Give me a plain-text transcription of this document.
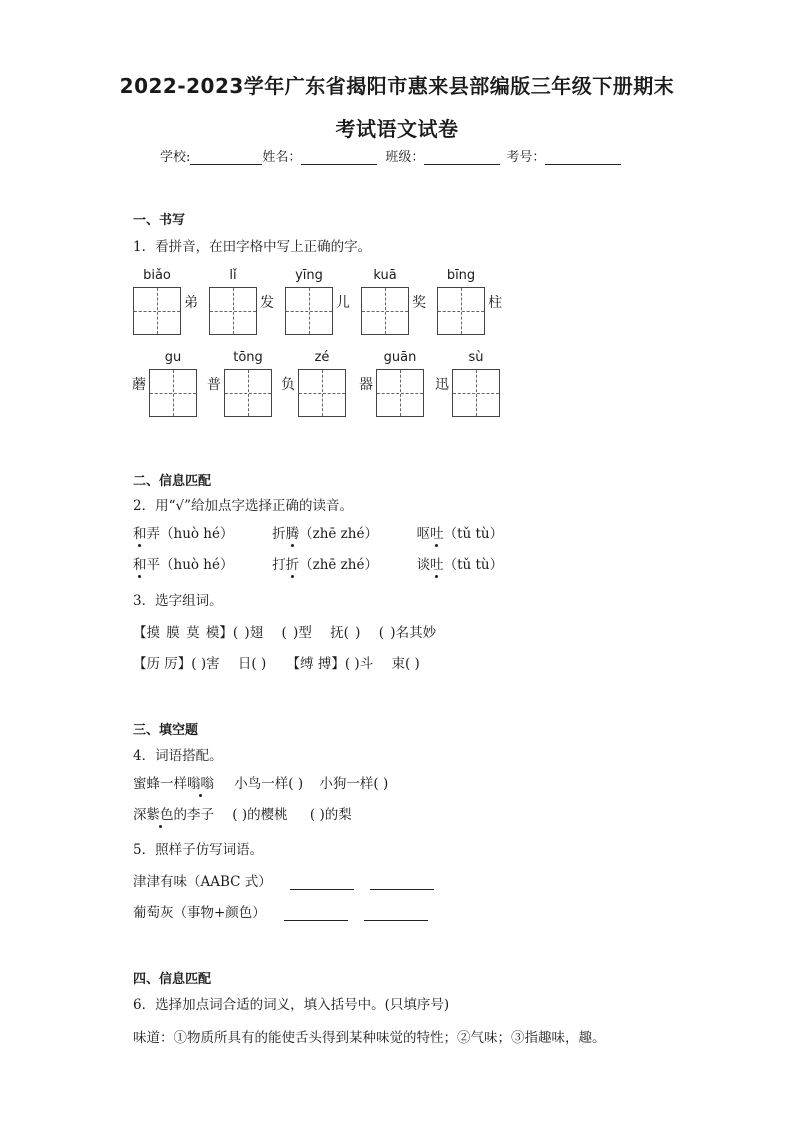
2022-2023学年广东省揭阳市惠来县部编版三年级下册期末
考试语文试卷
学校:	姓名：	班级：	考号：
一、书写
1．看拼音，在田字格中写上正确的字。
biǎo
弟
lǐ
发
yīng
儿
kuā
奖
bīng
柱
蘑
gu
普
tōng
负
zé
器
guān
迅
sù
二、信息匹配
2．用“√”给加点字选择正确的读音。
和弄（huò hé）	折腾（zhē zhé）	呕吐（tǔ tù）
和平（huò hé）	打折（zhē zhé）	谈吐（tǔ tù）
3．选字组词。
【摸 膜 莫 模】( )翅 ( )型 抚( ) ( )名其妙
【历 厉】( )害 日( ) 【缚 搏】( )斗 束( )
三、填空题
4．词语搭配。
蜜蜂一样嗡嗡 小鸟一样( ) 小狗一样( )
深紫色的李子 ( )的樱桃 ( )的梨
5．照样子仿写词语。
津津有味（AABC 式）
葡萄灰（事物+颜色）
四、信息匹配
6．选择加点词合适的词义，填入括号中。(只填序号)
味道：①物质所具有的能使舌头得到某种味觉的特性；②气味；③指趣味，趣。
